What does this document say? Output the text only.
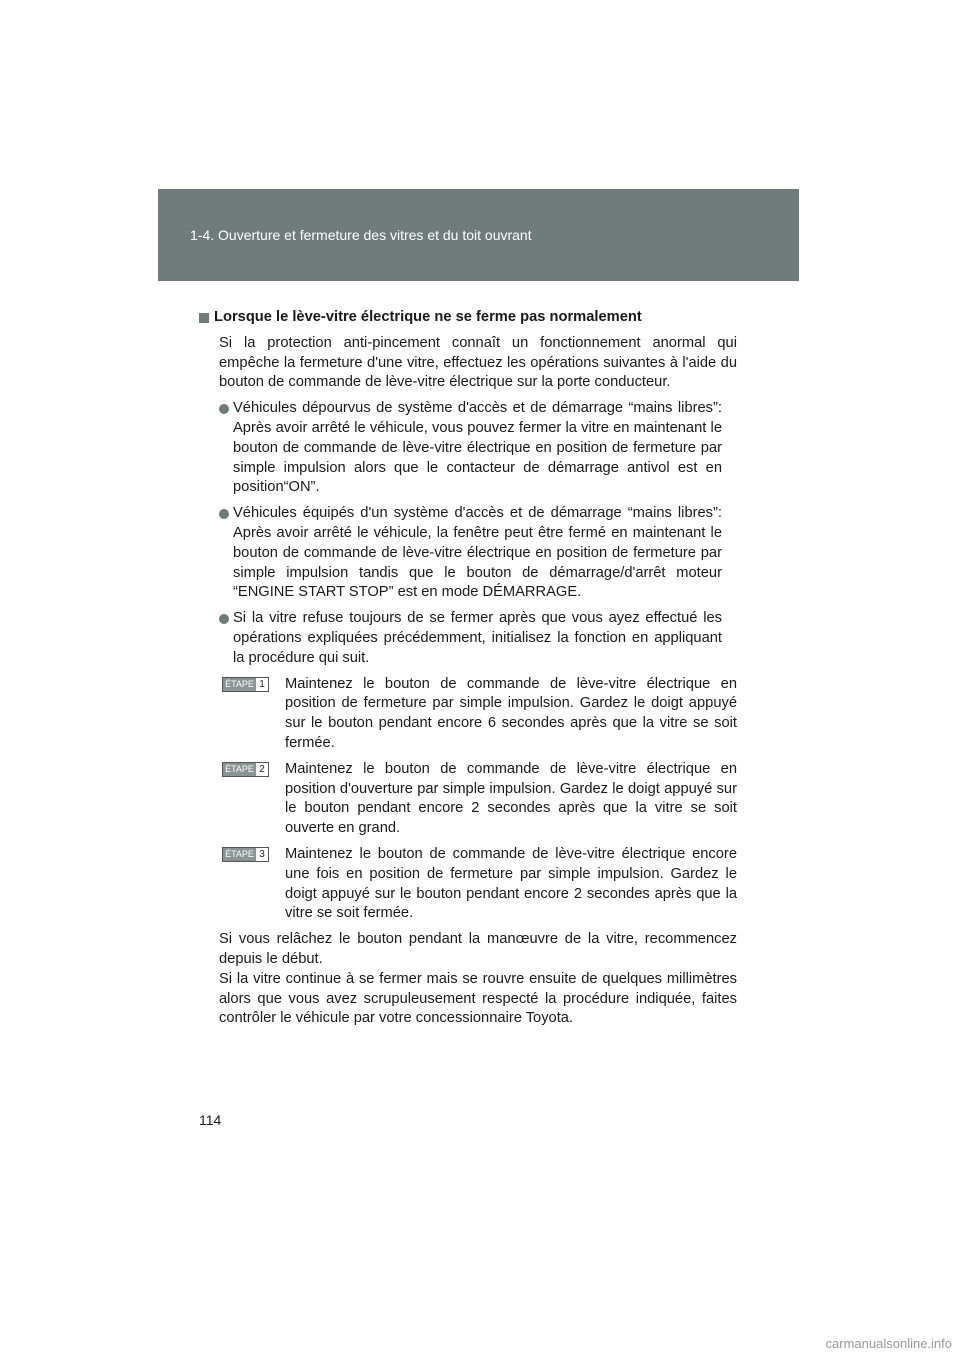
1-4. Ouverture et fermeture des vitres et du toit ouvrant
Lorsque le lève-vitre électrique ne se ferme pas normalement

Si la protection anti-pincement connaît un fonctionnement anormal qui empêche la fermeture d'une vitre, effectuez les opérations suivantes à l'aide du bouton de commande de lève-vitre électrique sur la porte conducteur.

Véhicules dépourvus de système d'accès et de démarrage “mains libres”: Après avoir arrêté le véhicule, vous pouvez fermer la vitre en maintenant le bouton de commande de lève-vitre électrique en position de fermeture par simple impulsion alors que le contacteur de démarrage antivol est en position“ON”.
Véhicules équipés d'un système d'accès et de démarrage “mains libres”: Après avoir arrêté le véhicule, la fenêtre peut être fermé en maintenant le bouton de commande de lève-vitre électrique en position de fermeture par simple impulsion tandis que le bouton de démarrage/d'arrêt moteur “ENGINE START STOP” est en mode DÉMARRAGE.
Si la vitre refuse toujours de se fermer après que vous ayez effectué les opérations expliquées précédemment, initialisez la fonction en appliquant la procédure qui suit.
ÉTAPE 1 Maintenez le bouton de commande de lève-vitre électrique en position de fermeture par simple impulsion. Gardez le doigt appuyé sur le bouton pendant encore 6 secondes après que la vitre se soit fermée.
ÉTAPE 2 Maintenez le bouton de commande de lève-vitre électrique en position d'ouverture par simple impulsion. Gardez le doigt appuyé sur le bouton pendant encore 2 secondes après que la vitre se soit ouverte en grand.
ÉTAPE 3 Maintenez le bouton de commande de lève-vitre électrique encore une fois en position de fermeture par simple impulsion. Gardez le doigt appuyé sur le bouton pendant encore 2 secondes après que la vitre se soit fermée.

Si vous relâchez le bouton pendant la manœuvre de la vitre, recommencez depuis le début.

Si la vitre continue à se fermer mais se rouvre ensuite de quelques millimètres alors que vous avez scrupuleusement respecté la procédure indiquée, faites contrôler le véhicule par votre concessionnaire Toyota.

114
carmanualsonline.info
